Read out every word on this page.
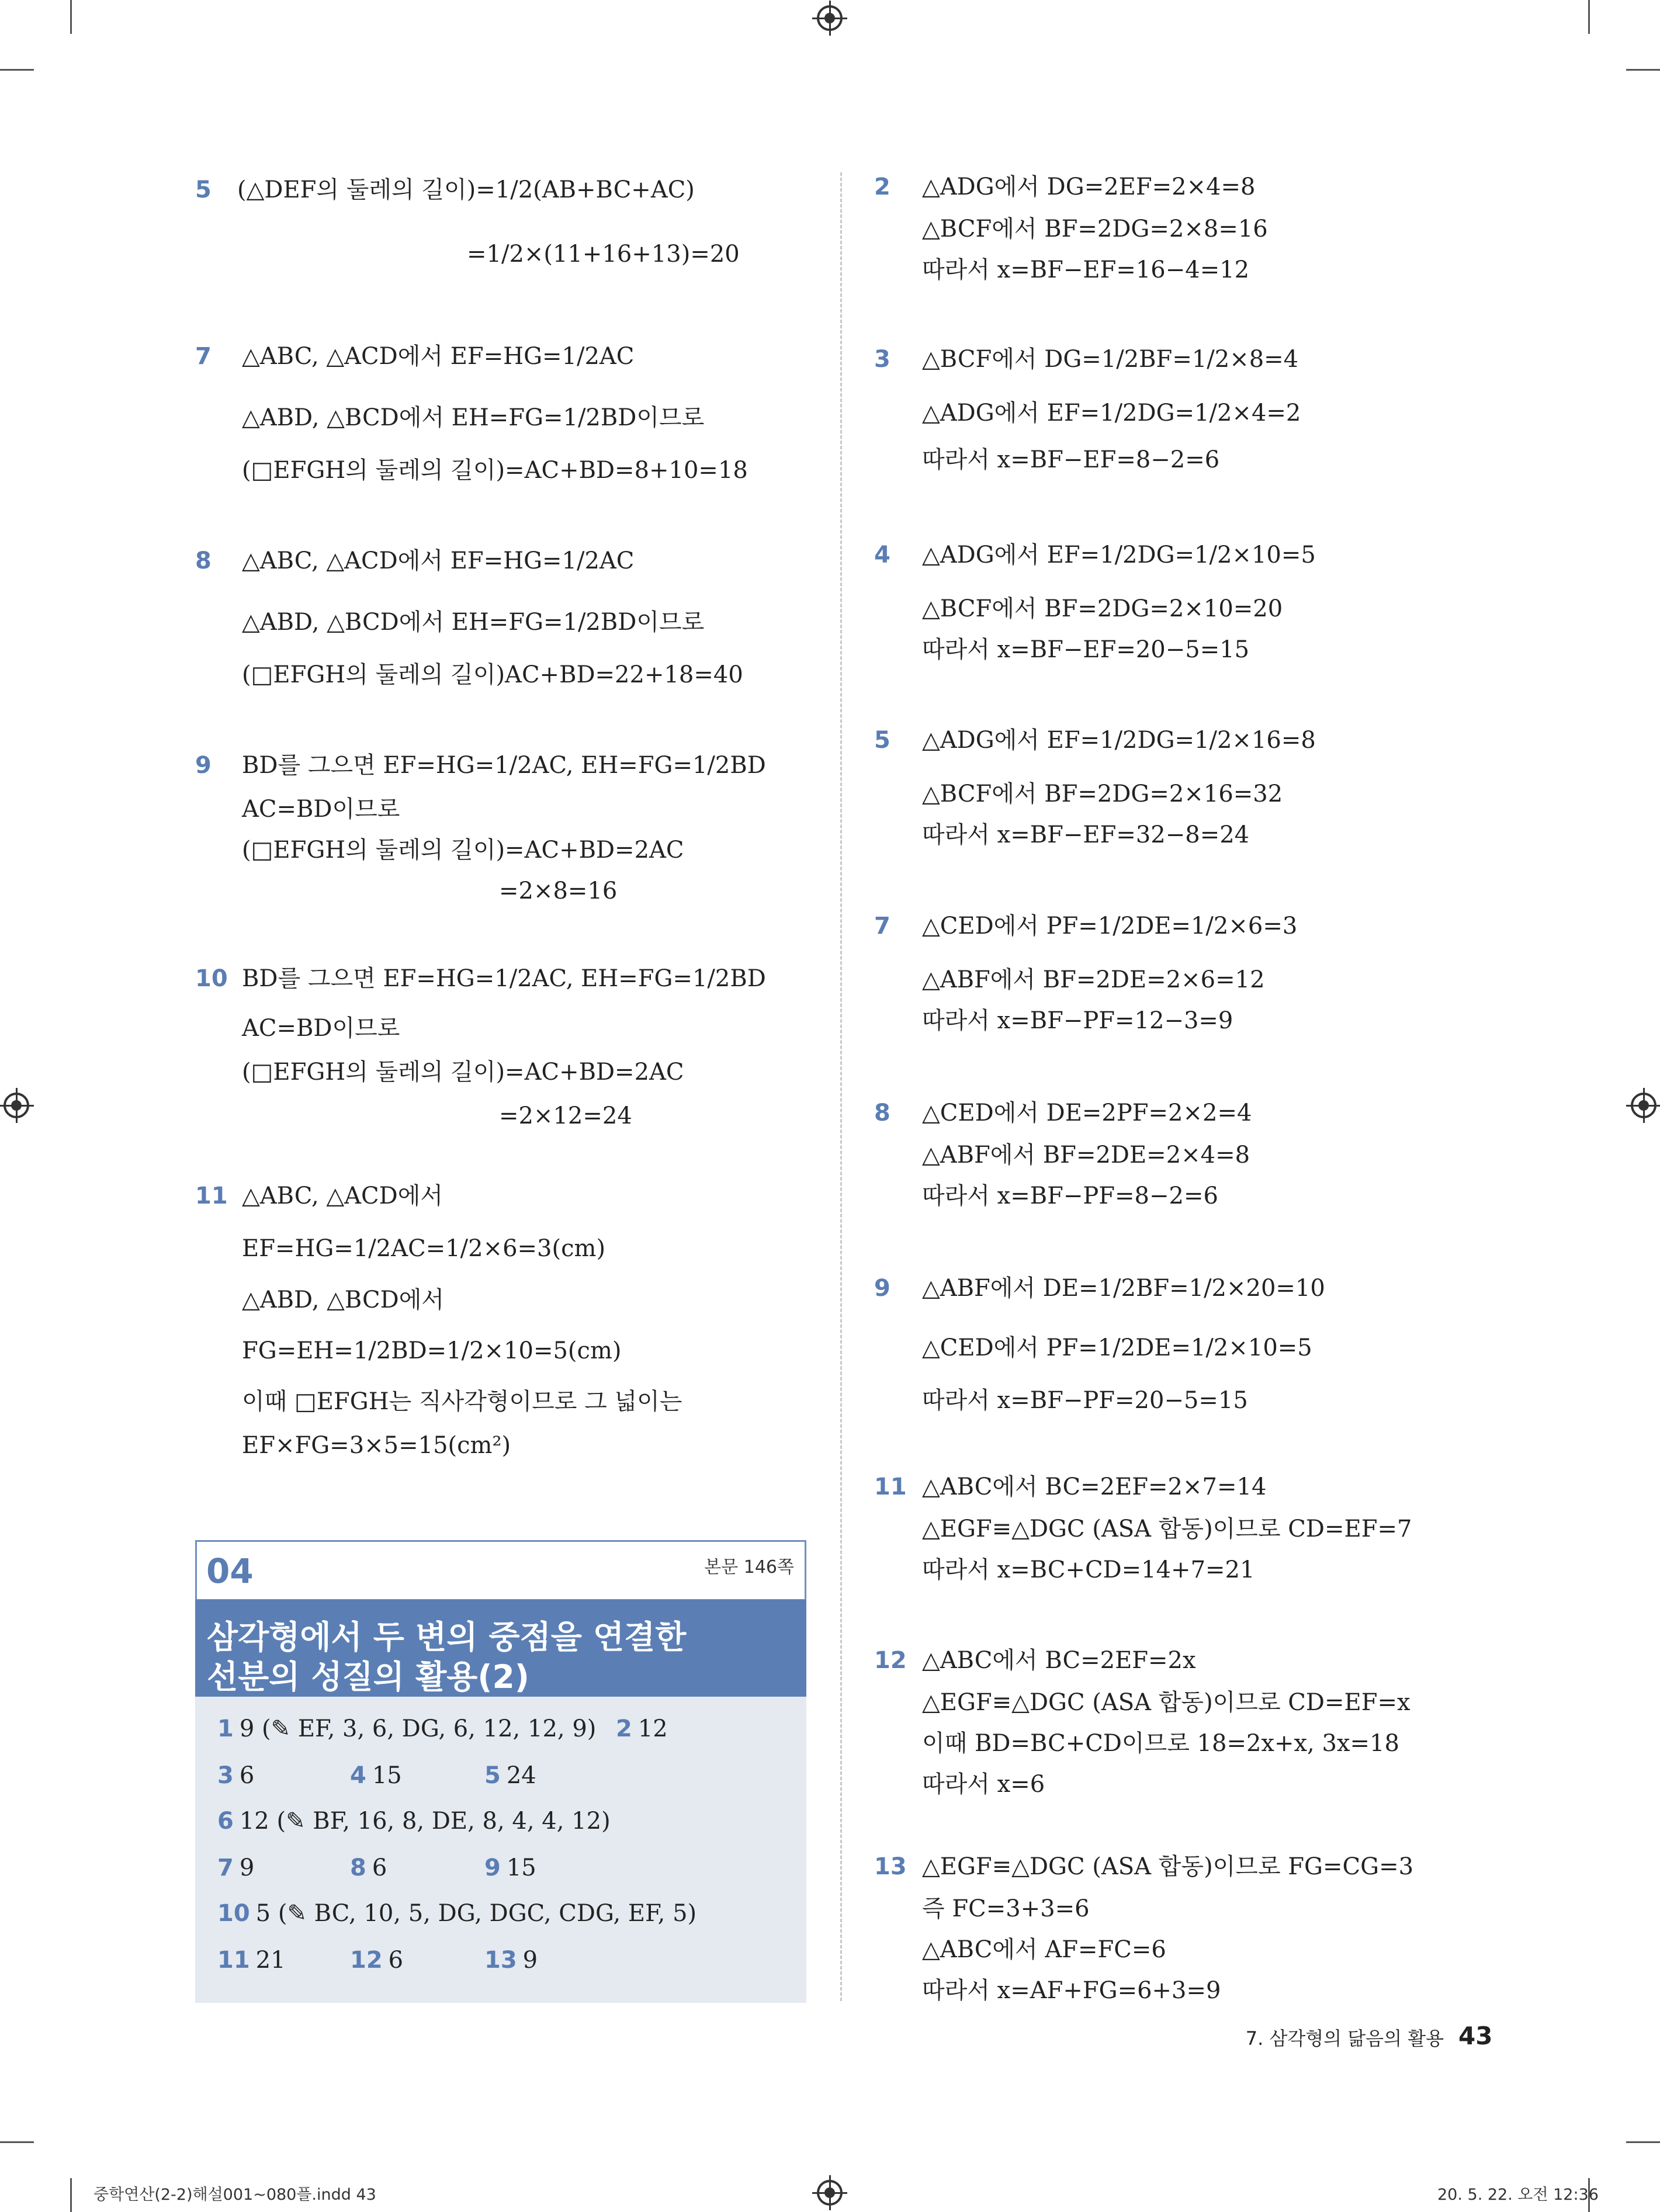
5 (△DEF의 둘레의 길이)=1/2(AB+BC+AC)
=1/2×(11+16+13)=20
7 △ABC, △ACD에서 EF=HG=1/2AC
△ABD, △BCD에서 EH=FG=1/2BD이므로
(□EFGH의 둘레의 길이)=AC+BD=8+10=18
8 △ABC, △ACD에서 EF=HG=1/2AC
△ABD, △BCD에서 EH=FG=1/2BD이므로
(□EFGH의 둘레의 길이)AC+BD=22+18=40
9 BD를 그으면 EF=HG=1/2AC, EH=FG=1/2BD
AC=BD이므로
(□EFGH의 둘레의 길이)=AC+BD=2AC
=2×8=16
10 BD를 그으면 EF=HG=1/2AC, EH=FG=1/2BD
AC=BD이므로
(□EFGH의 둘레의 길이)=AC+BD=2AC
=2×12=24
11 △ABC, △ACD에서
EF=HG=1/2AC=1/2×6=3(cm)
△ABD, △BCD에서
FG=EH=1/2BD=1/2×10=5(cm)
이때 □EFGH는 직사각형이므로 그 넓이는
EF×FG=3×5=15(cm²)
2 △ADG에서 DG=2EF=2×4=8
△BCF에서 BF=2DG=2×8=16
따라서 x=BF−EF=16−4=12
3 △BCF에서 DG=1/2BF=1/2×8=4
△ADG에서 EF=1/2DG=1/2×4=2
따라서 x=BF−EF=8−2=6
4 △ADG에서 EF=1/2DG=1/2×10=5
△BCF에서 BF=2DG=2×10=20
따라서 x=BF−EF=20−5=15
5 △ADG에서 EF=1/2DG=1/2×16=8
△BCF에서 BF=2DG=2×16=32
따라서 x=BF−EF=32−8=24
7 △CED에서 PF=1/2DE=1/2×6=3
△ABF에서 BF=2DE=2×6=12
따라서 x=BF−PF=12−3=9
8 △CED에서 DE=2PF=2×2=4
△ABF에서 BF=2DE=2×4=8
따라서 x=BF−PF=8−2=6
9 △ABF에서 DE=1/2BF=1/2×20=10
△CED에서 PF=1/2DE=1/2×10=5
따라서 x=BF−PF=20−5=15
11 △ABC에서 BC=2EF=2×7=14
△EGF≡△DGC (ASA 합동)이므로 CD=EF=7
따라서 x=BC+CD=14+7=21
12 △ABC에서 BC=2EF=2x
△EGF≡△DGC (ASA 합동)이므로 CD=EF=x
이때 BD=BC+CD이므로 18=2x+x, 3x=18
따라서 x=6
13 △EGF≡△DGC (ASA 합동)이므로 FG=CG=3
즉 FC=3+3=6
△ABC에서 AF=FC=6
따라서 x=AF+FG=6+3=9
04	본문 146쪽
삼각형에서 두 변의 중점을 연결한
선분의 성질의 활용(2)
1 9 (✎ EF, 3, 6, DG, 6, 12, 12, 9) 2 12
3 6	4 15	5 24
6 12 (✎ BF, 16, 8, DE, 8, 4, 4, 12)
7 9	8 6	9 15
10 5 (✎ BC, 10, 5, DG, DGC, CDG, EF, 5)
11 21	12 6	13 9
7. 삼각형의 닮음의 활용 43
중학연산(2-2)해설001~080플.indd 43	20. 5. 22. 오전 12:36
